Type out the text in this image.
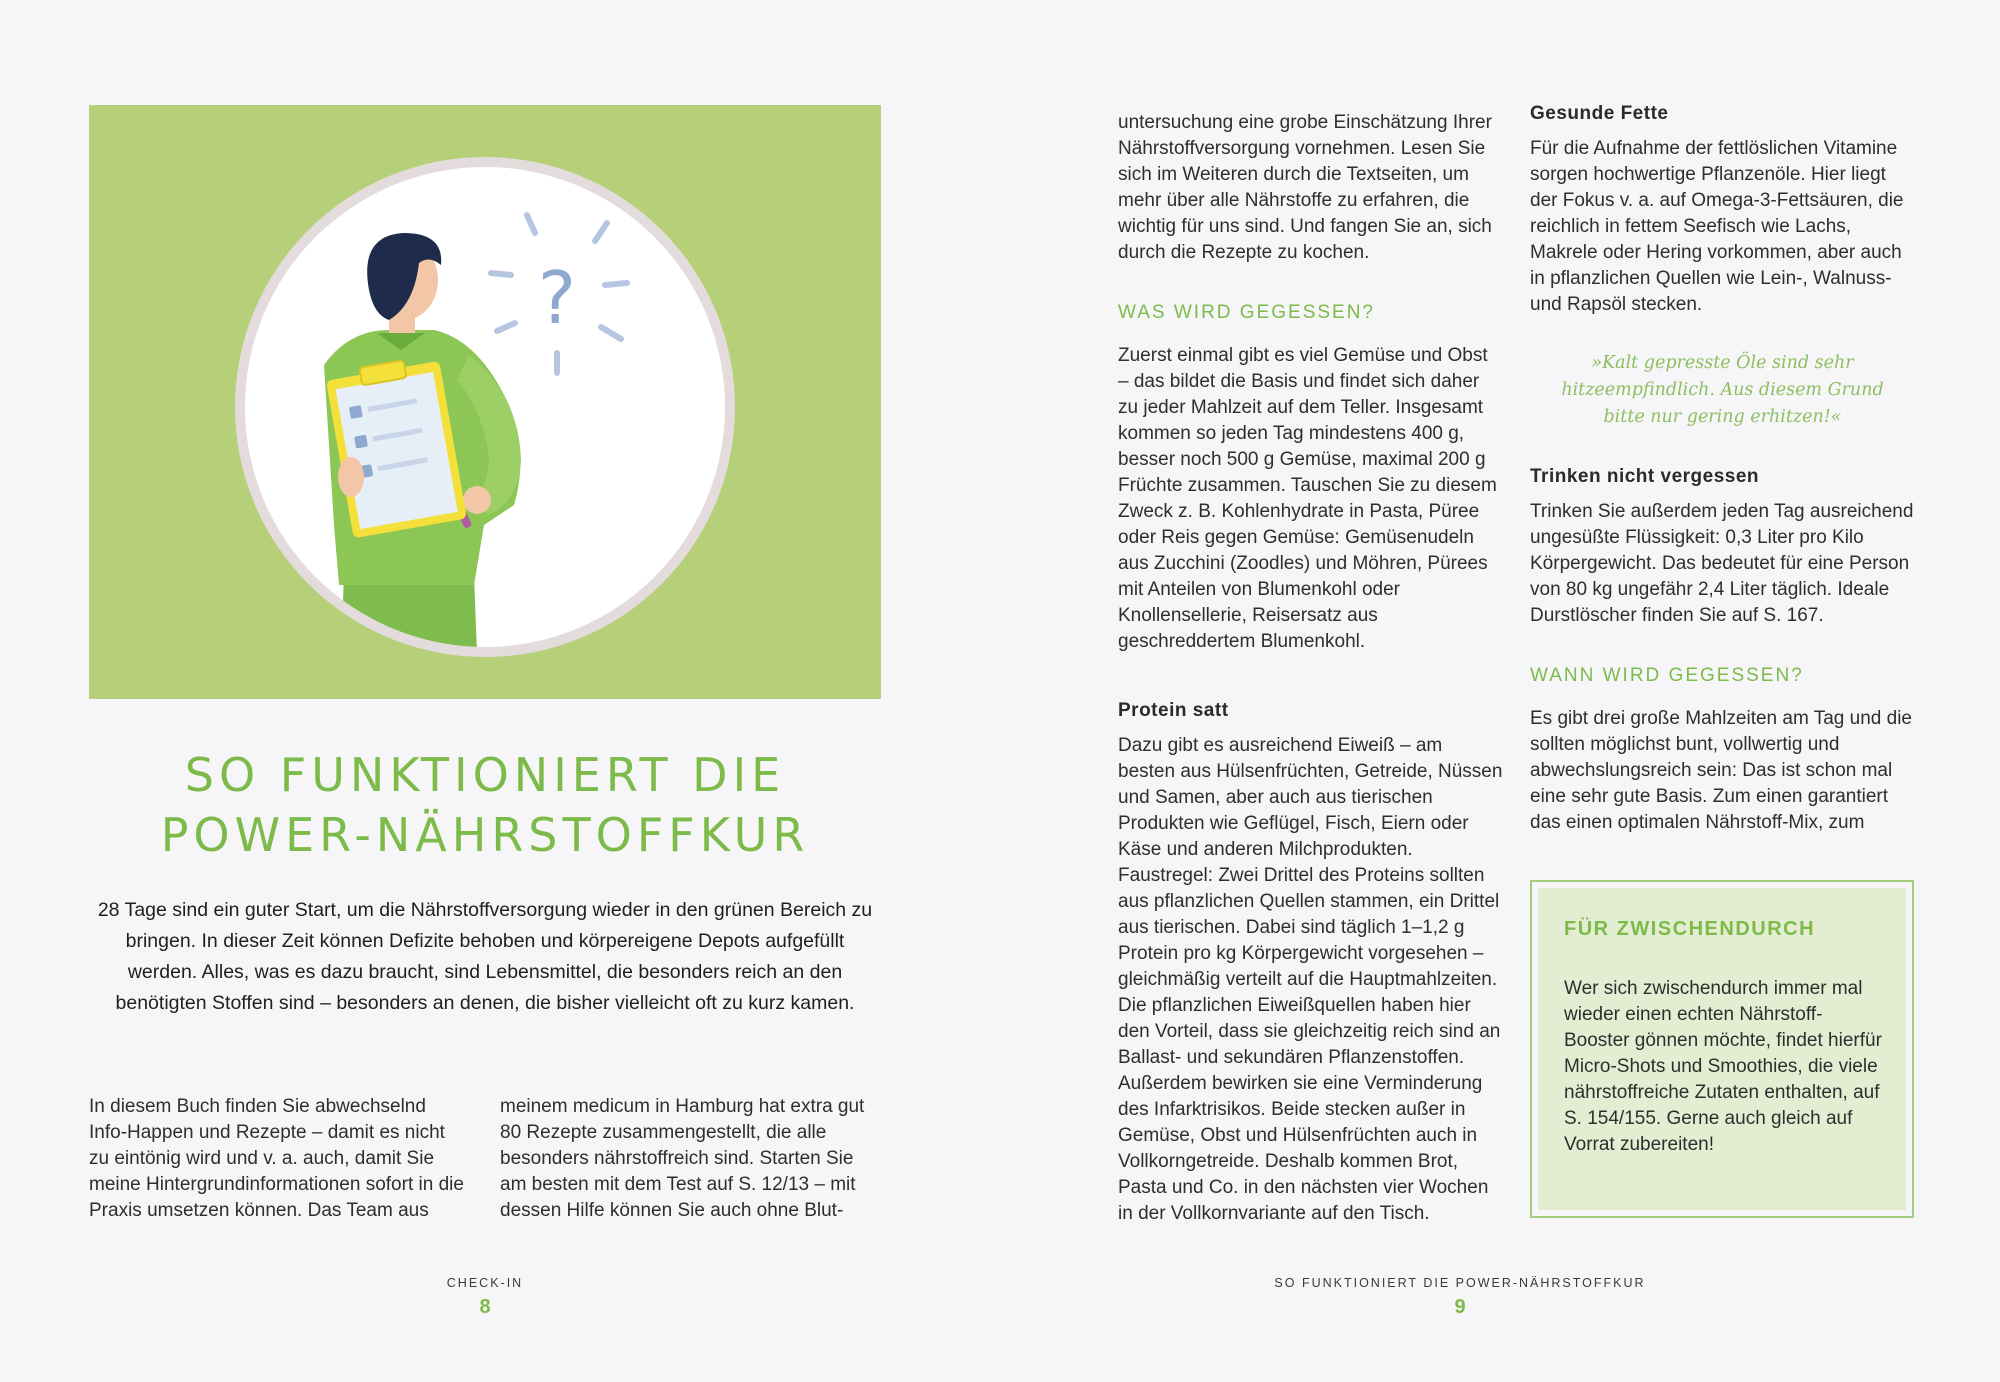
?
SO FUNKTIONIERT DIE
POWER-NÄHRSTOFFKUR

28 Tage sind ein guter Start, um die Nährstoffversorgung wieder in den grünen Bereich zu bringen. In dieser Zeit können Defizite behoben und körpereigene Depots aufgefüllt werden. Alles, was es dazu braucht, sind Lebensmittel, die besonders reich an den benötigten Stoffen sind – besonders an denen, die bisher vielleicht oft zu kurz kamen.

In diesem Buch finden Sie abwechselnd Info-Happen und Rezepte – damit es nicht zu eintönig wird und v. a. auch, damit Sie meine Hintergrundinformationen sofort in die Praxis umsetzen können. Das Team aus

meinem medicum in Hamburg hat extra gut 80 Rezepte zusammengestellt, die alle besonders nährstoffreich sind. Starten Sie am besten mit dem Test auf S. 12/13 – mit dessen Hilfe können Sie auch ohne Blut-

CHECK-IN
8

untersuchung eine grobe Einschätzung Ihrer Nährstoffversorgung vornehmen. Lesen Sie sich im Weiteren durch die Textseiten, um mehr über alle Nährstoffe zu erfahren, die wichtig für uns sind. Und fangen Sie an, sich durch die Rezepte zu kochen.

WAS WIRD GEGESSEN?

Zuerst einmal gibt es viel Gemüse und Obst – das bildet die Basis und findet sich daher zu jeder Mahlzeit auf dem Teller. Insgesamt kommen so jeden Tag mindestens 400 g, besser noch 500 g Gemüse, maximal 200 g Früchte zusammen. Tauschen Sie zu diesem Zweck z. B. Kohlenhydrate in Pasta, Püree oder Reis gegen Gemüse: Gemüsenudeln aus Zucchini (Zoodles) und Möhren, Pürees mit Anteilen von Blumenkohl oder Knollensellerie, Reisersatz aus geschreddertem Blumenkohl.

Protein satt

Dazu gibt es ausreichend Eiweiß – am besten aus Hülsenfrüchten, Getreide, Nüssen und Samen, aber auch aus tierischen Produkten wie Geflügel, Fisch, Eiern oder Käse und anderen Milchprodukten. Faustregel: Zwei Drittel des Proteins sollten aus pflanzlichen Quellen stammen, ein Drittel aus tierischen. Dabei sind täglich 1–1,2 g Protein pro kg Körpergewicht vorgesehen – gleichmäßig verteilt auf die Hauptmahlzeiten. Die pflanzlichen Eiweißquellen haben hier den Vorteil, dass sie gleichzeitig reich sind an Ballast- und sekundären Pflanzenstoffen. Außerdem bewirken sie eine Verminderung des Infarktrisikos. Beide stecken außer in Gemüse, Obst und Hülsenfrüchten auch in Vollkorngetreide. Deshalb kommen Brot, Pasta und Co. in den nächsten vier Wochen in der Vollkornvariante auf den Tisch.

Gesunde Fette

Für die Aufnahme der fettlöslichen Vitamine sorgen hochwertige Pflanzenöle. Hier liegt der Fokus v. a. auf Omega-3-Fettsäuren, die reichlich in fettem Seefisch wie Lachs, Makrele oder Hering vorkommen, aber auch in pflanzlichen Quellen wie Lein-, Walnuss- und Rapsöl stecken.

»Kalt gepresste Öle sind sehr hitzeempfindlich. Aus diesem Grund bitte nur gering erhitzen!«

Trinken nicht vergessen

Trinken Sie außerdem jeden Tag ausreichend ungesüßte Flüssigkeit: 0,3 Liter pro Kilo Körpergewicht. Das bedeutet für eine Person von 80 kg ungefähr 2,4 Liter täglich. Ideale Durstlöscher finden Sie auf S. 167.

WANN WIRD GEGESSEN?

Es gibt drei große Mahlzeiten am Tag und die sollten möglichst bunt, vollwertig und abwechslungsreich sein: Das ist schon mal eine sehr gute Basis. Zum einen garantiert das einen optimalen Nährstoff-Mix, zum

FÜR ZWISCHENDURCH

Wer sich zwischendurch immer mal wieder einen echten Nährstoff-Booster gönnen möchte, findet hierfür Micro-Shots und Smoothies, die viele nährstoffreiche Zutaten enthalten, auf S. 154/155. Gerne auch gleich auf Vorrat zubereiten!

SO FUNKTIONIERT DIE POWER-NÄHRSTOFFKUR
9
